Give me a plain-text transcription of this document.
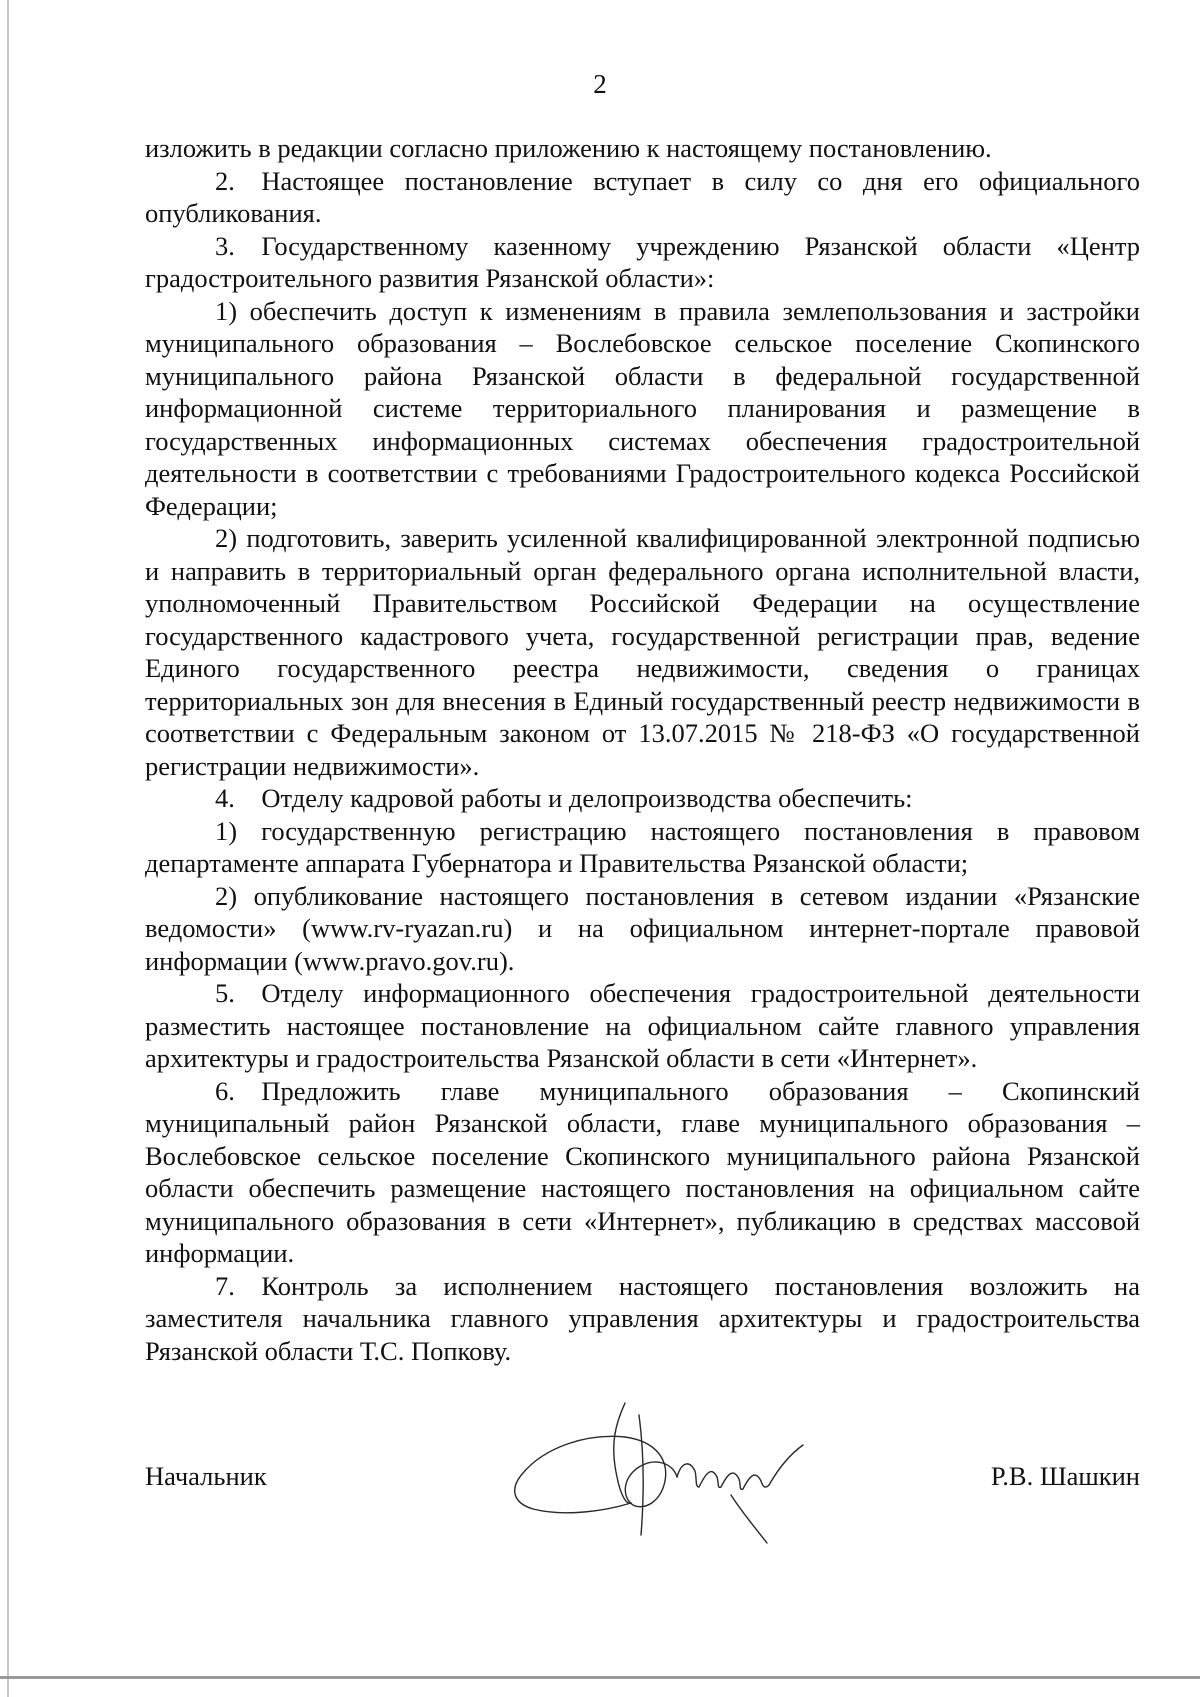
2

изложить в редакции согласно приложению к настоящему постановлению.

2. Настоящее постановление вступает в силу со дня его официального опубликования.

3. Государственному казенному учреждению Рязанской области «Центр градостроительного развития Рязанской области»:

1) обеспечить доступ к изменениям в правила землепользования и застройки муниципального образования – Вослебовское сельское поселение Скопинского муниципального района Рязанской области в федеральной государственной информационной системе территориального планирования и размещение в государственных информационных системах обеспечения градостроительной деятельности в соответствии с требованиями Градостроительного кодекса Российской Федерации;

2) подготовить, заверить усиленной квалифицированной электронной подписью и направить в территориальный орган федерального органа исполнительной власти, уполномоченный Правительством Российской Федерации на осуществление государственного кадастрового учета, государственной регистрации прав, ведение Единого государственного реестра недвижимости, сведения о границах территориальных зон для внесения в Единый государственный реестр недвижимости в соответствии с Федеральным законом от 13.07.2015 № 218-ФЗ «О государственной регистрации недвижимости».

4. Отделу кадровой работы и делопроизводства обеспечить:

1) государственную регистрацию настоящего постановления в правовом департаменте аппарата Губернатора и Правительства Рязанской области;

2) опубликование настоящего постановления в сетевом издании «Рязанские ведомости» (www.rv-ryazan.ru) и на официальном интернет-портале правовой информации (www.pravo.gov.ru).

5. Отделу информационного обеспечения градостроительной деятельности разместить настоящее постановление на официальном сайте главного управления архитектуры и градостроительства Рязанской области в сети «Интернет».

6. Предложить главе муниципального образования – Скопинский муниципальный район Рязанской области, главе муниципального образования – Вослебовское сельское поселение Скопинского муниципального района Рязанской области обеспечить размещение настоящего постановления на официальном сайте муниципального образования в сети «Интернет», публикацию в средствах массовой информации.

7. Контроль за исполнением настоящего постановления возложить на заместителя начальника главного управления архитектуры и градостроительства Рязанской области Т.С. Попкову.

Начальник	Р.В. Шашкин
